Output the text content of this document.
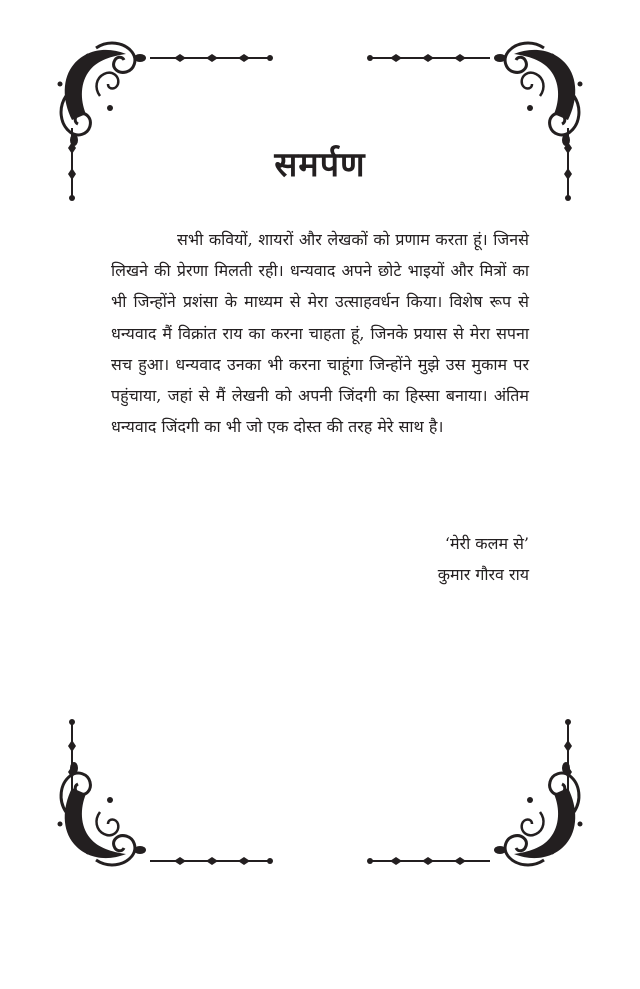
समर्पण

सभी कवियों, शायरों और लेखकों को प्रणाम करता हूं। जिनसे लिखने की प्रेरणा मिलती रही। धन्यवाद अपने छोटे भाइयों और मित्रों का भी जिन्होंने प्रशंसा के माध्यम से मेरा उत्साहवर्धन किया। विशेष रूप से धन्यवाद मैं विक्रांत राय का करना चाहता हूं, जिनके प्रयास से मेरा सपना सच हुआ। धन्यवाद उनका भी करना चाहूंगा जिन्होंने मुझे उस मुकाम पर पहुंचाया, जहां से मैं लेखनी को अपनी जिंदगी का हिस्सा बनाया। अंतिम धन्यवाद जिंदगी का भी जो एक दोस्त की तरह मेरे साथ है।

‘मेरी कलम से’
कुमार गौरव राय
